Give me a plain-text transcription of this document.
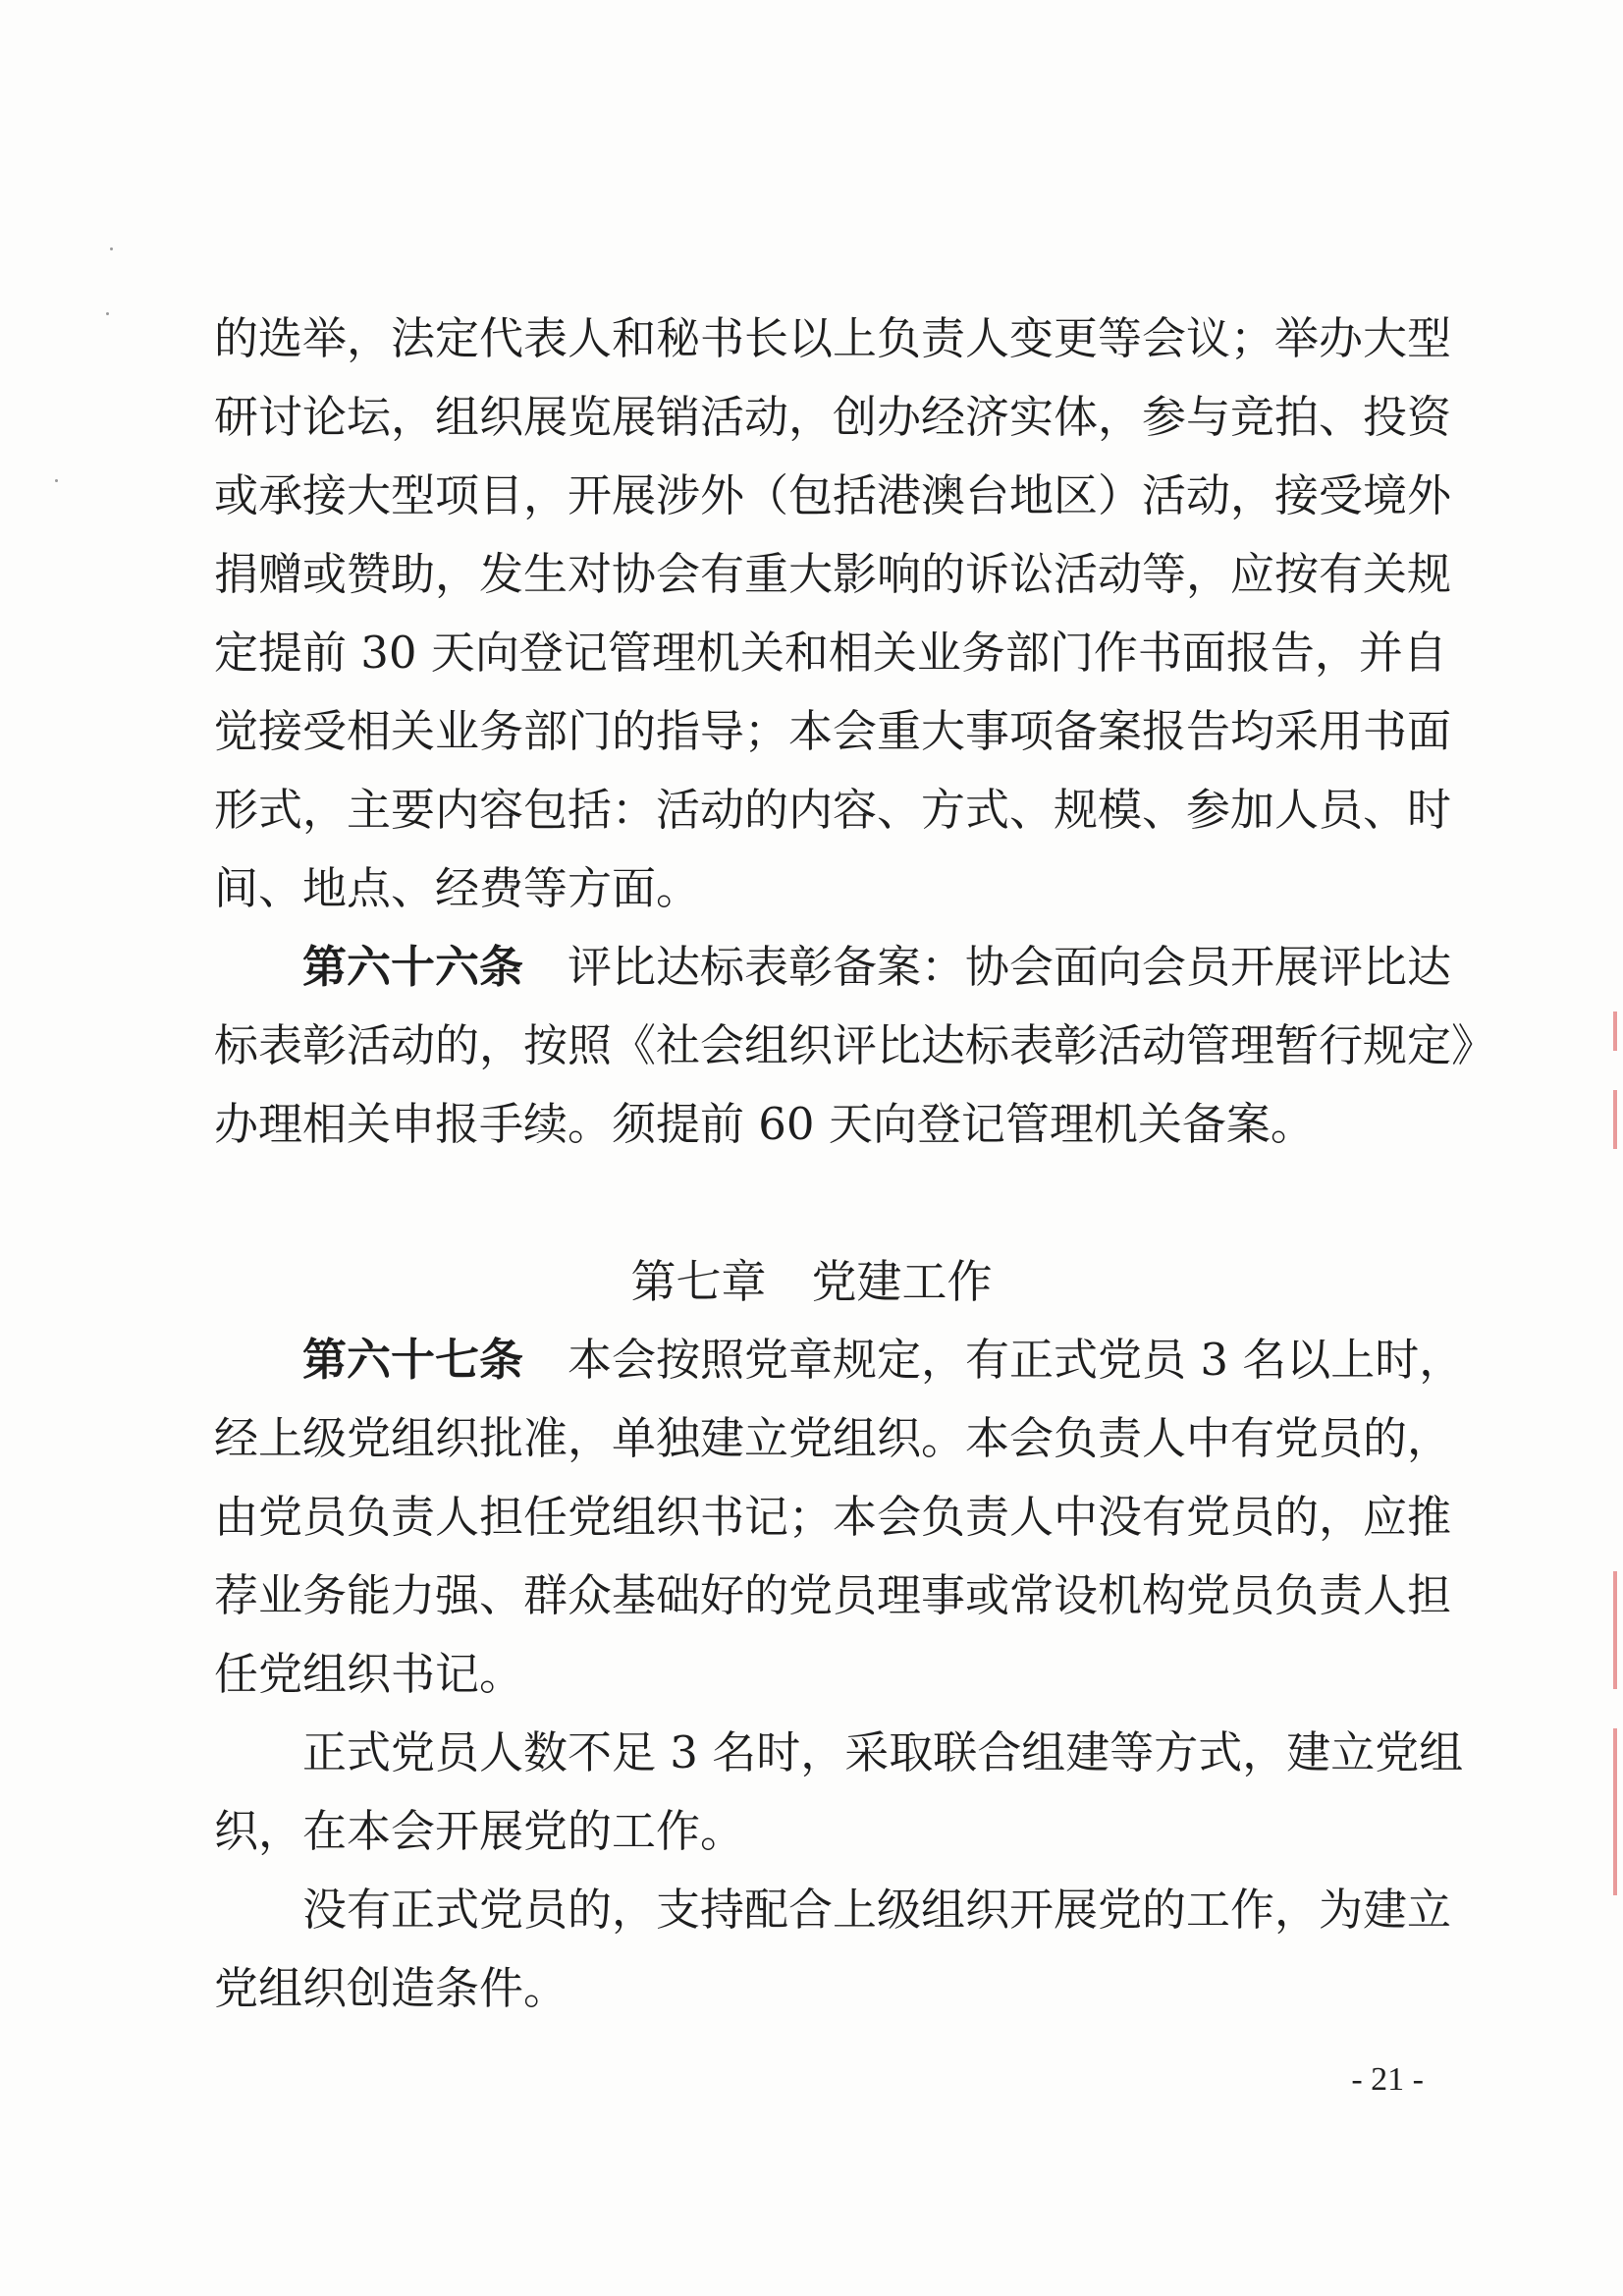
的选举，法定代表人和秘书长以上负责人变更等会议；举办大型
研讨论坛，组织展览展销活动，创办经济实体，参与竞拍、投资
或承接大型项目，开展涉外（包括港澳台地区）活动，接受境外
捐赠或赞助，发生对协会有重大影响的诉讼活动等，应按有关规
定提前 30 天向登记管理机关和相关业务部门作书面报告，并自
觉接受相关业务部门的指导；本会重大事项备案报告均采用书面
形式，主要内容包括：活动的内容、方式、规模、参加人员、时
间、地点、经费等方面。
第六十六条　 评比达标表彰备案：协会面向会员开展评比达
标表彰活动的，按照《社会组织评比达标表彰活动管理暂行规定》
办理相关申报手续。须提前 60 天向登记管理机关备案。
第七章　党建工作
第六十七条　 本会按照党章规定，有正式党员 3 名以上时，
经上级党组织批准，单独建立党组织。本会负责人中有党员的，
由党员负责人担任党组织书记；本会负责人中没有党员的，应推
荐业务能力强、群众基础好的党员理事或常设机构党员负责人担
任党组织书记。
正式党员人数不足 3 名时，采取联合组建等方式，建立党组
织，在本会开展党的工作。
没有正式党员的，支持配合上级组织开展党的工作，为建立
党组织创造条件。
- 21 -
